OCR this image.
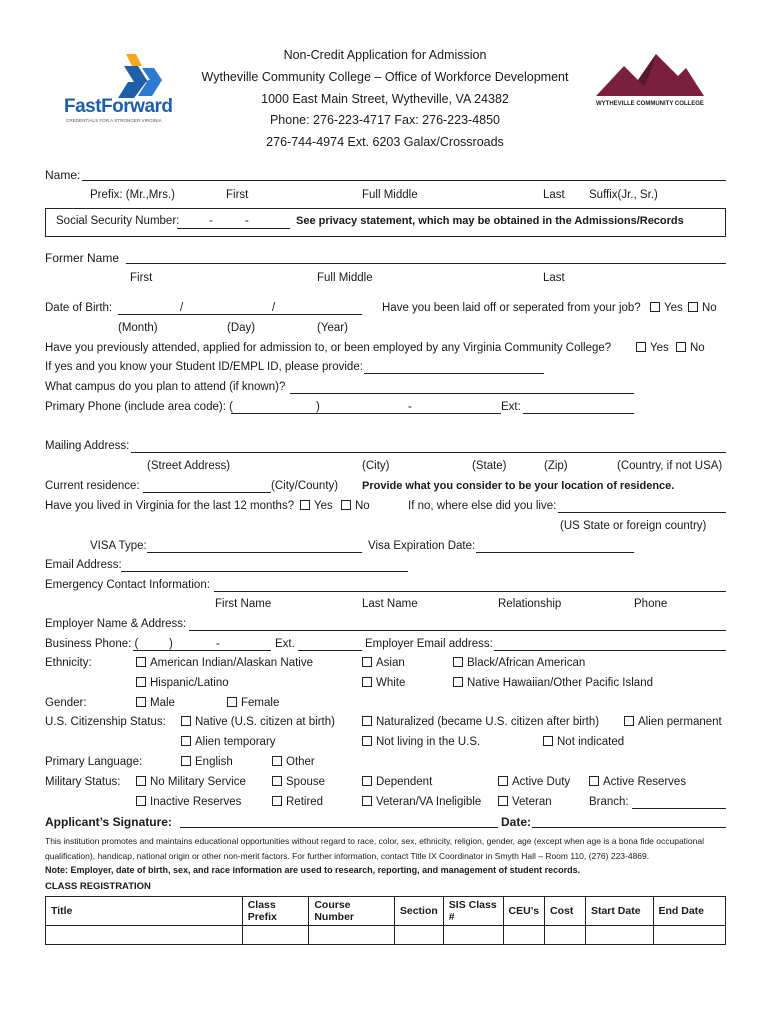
FastForward
CREDENTIALS FOR A STRONGER VIRGINIA
WYTHEVILLE COMMUNITY COLLEGE
Non-Credit Application for Admission
Wytheville Community College – Office of Workforce Development
1000 East Main Street, Wytheville, VA 24382
Phone: 276-223-4717 Fax: 276-223-4850
276-744-4974 Ext. 6203 Galax/Crossroads
Name:
Prefix: (Mr.,Mrs.)	First	Full Middle	Last Suffix(Jr., Sr.)
Social Security Number:	-	-	See privacy statement, which may be obtained in the Admissions/Records
Former Name
First	Full Middle	Last
Date of Birth:	/	/	Have you been laid off or seperated from your job?	Yes	No
(Month)	(Day)	(Year)
Have you previously attended, applied for admission to, or been employed by any Virginia Community College?	Yes	No
If yes and you know your Student ID/EMPL ID, please provide:
What campus do you plan to attend (if known)?
Primary Phone (include area code): (	)	-	Ext:
Mailing Address:
(Street Address)	(City)	(State)	(Zip)	(Country, if not USA)
Current residence:	(City/County) Provide what you consider to be your location of residence.
Have you lived in Virginia for the last 12 months?	Yes	No	If no, where else did you live:
(US State or foreign country)
VISA Type:	Visa Expiration Date:
Email Address:
Emergency Contact Information:
First Name	Last Name	Relationship	Phone
Employer Name & Address:
Business Phone: (	)	-	Ext.	Employer Email address:
Ethnicity:	American Indian/Alaskan Native	Asian	Black/African American
Hispanic/Latino	White	Native Hawaiian/Other Pacific Island
Gender:	Male	Female
U.S. Citizenship Status:	Native (U.S. citizen at birth)	Naturalized (became U.S. citizen after birth)	Alien permanent
Alien temporary	Not living in the U.S.	Not indicated
Primary Language:	English	Other
Military Status:	No Military Service	Spouse	Dependent	Active Duty	Active Reserves
Inactive Reserves	Retired	Veteran/VA Ineligible	Veteran	Branch:
Applicant’s Signature:	Date:
This institution promotes and maintains educational opportunities without regard to race, color, sex, ethnicity, religion, gender, age (except when age is a bona fide occupational
qualification), handicap, national origin or other non-merit factors. For further information, contact Title IX Coordinator in Smyth Hall – Room 110, (276) 223-4869.
Note: Employer, date of birth, sex, and race information are used to research, reporting, and management of student records.
CLASS REGISTRATION
Title	Class Prefix	Course Number	Section	SIS Class #	CEU’s	Cost	Start Date	End Date
